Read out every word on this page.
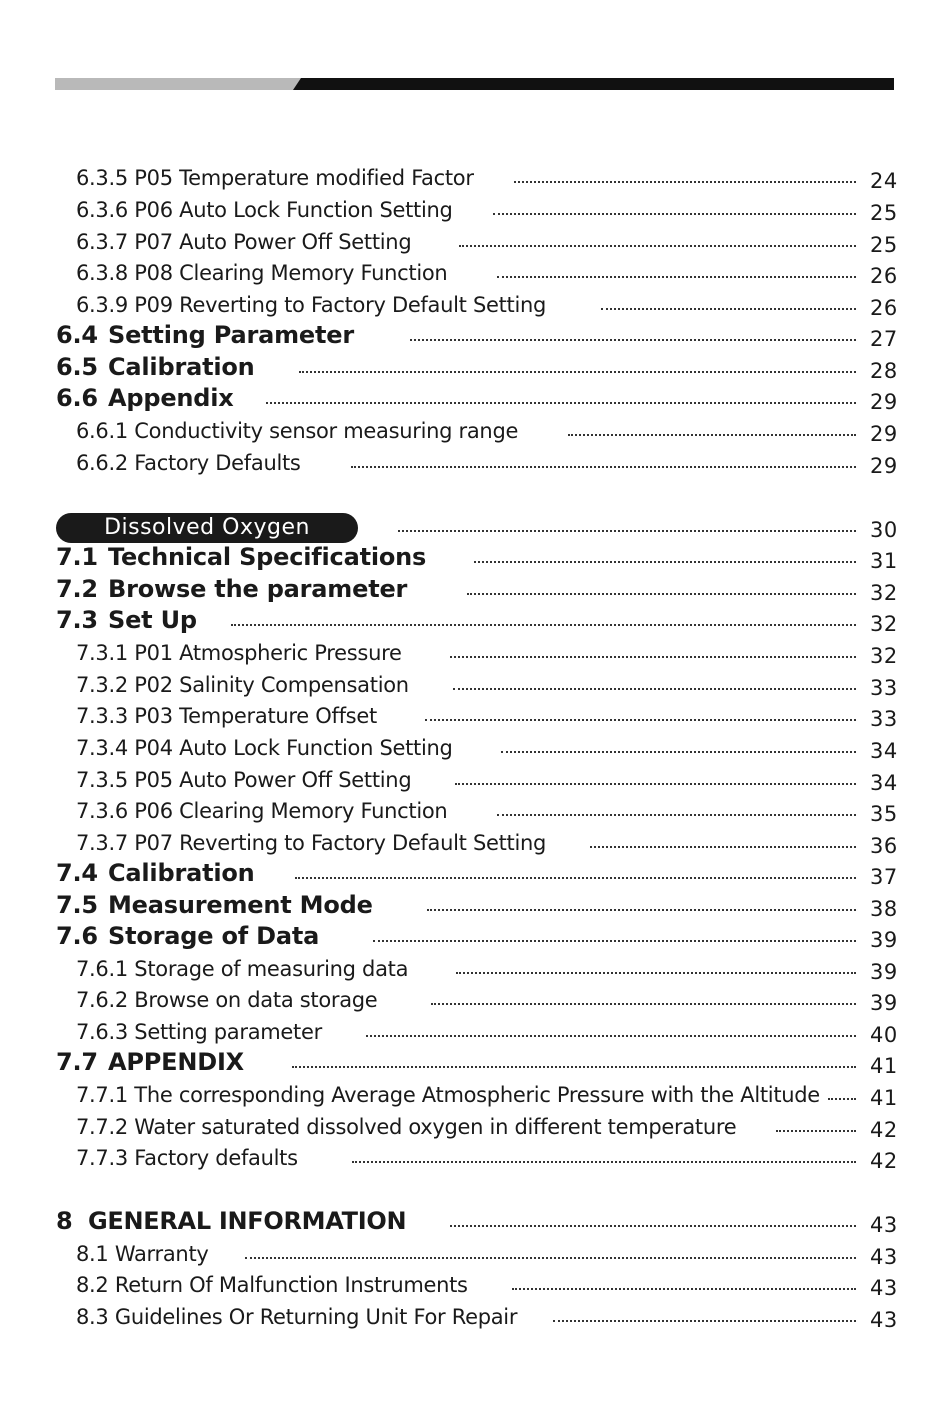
6.3.5 P05 Temperature modified Factor	24
6.3.6 P06 Auto Lock Function Setting	25
6.3.7 P07 Auto Power Off Setting	25
6.3.8 P08 Clearing Memory Function	26
6.3.9 P09 Reverting to Factory Default Setting	26
6.4 Setting Parameter	27
6.5 Calibration	28
6.6 Appendix	29
6.6.1 Conductivity sensor measuring range	29
6.6.2 Factory Defaults	29
Dissolved Oxygen	30
7.1 Technical Specifications	31
7.2 Browse the parameter	32
7.3 Set Up	32
7.3.1 P01 Atmospheric Pressure	32
7.3.2 P02 Salinity Compensation	33
7.3.3 P03 Temperature Offset	33
7.3.4 P04 Auto Lock Function Setting	34
7.3.5 P05 Auto Power Off Setting	34
7.3.6 P06 Clearing Memory Function	35
7.3.7 P07 Reverting to Factory Default Setting	36
7.4 Calibration	37
7.5 Measurement Mode	38
7.6 Storage of Data	39
7.6.1 Storage of measuring data	39
7.6.2 Browse on data storage	39
7.6.3 Setting parameter	40
7.7 APPENDIX	41
7.7.1 The corresponding Average Atmospheric Pressure with the Altitude 41
7.7.2 Water saturated dissolved oxygen in different temperature	42
7.7.3 Factory defaults	42
8 GENERAL INFORMATION	43
8.1 Warranty	43
8.2 Return Of Malfunction Instruments	43
8.3 Guidelines Or Returning Unit For Repair	43
